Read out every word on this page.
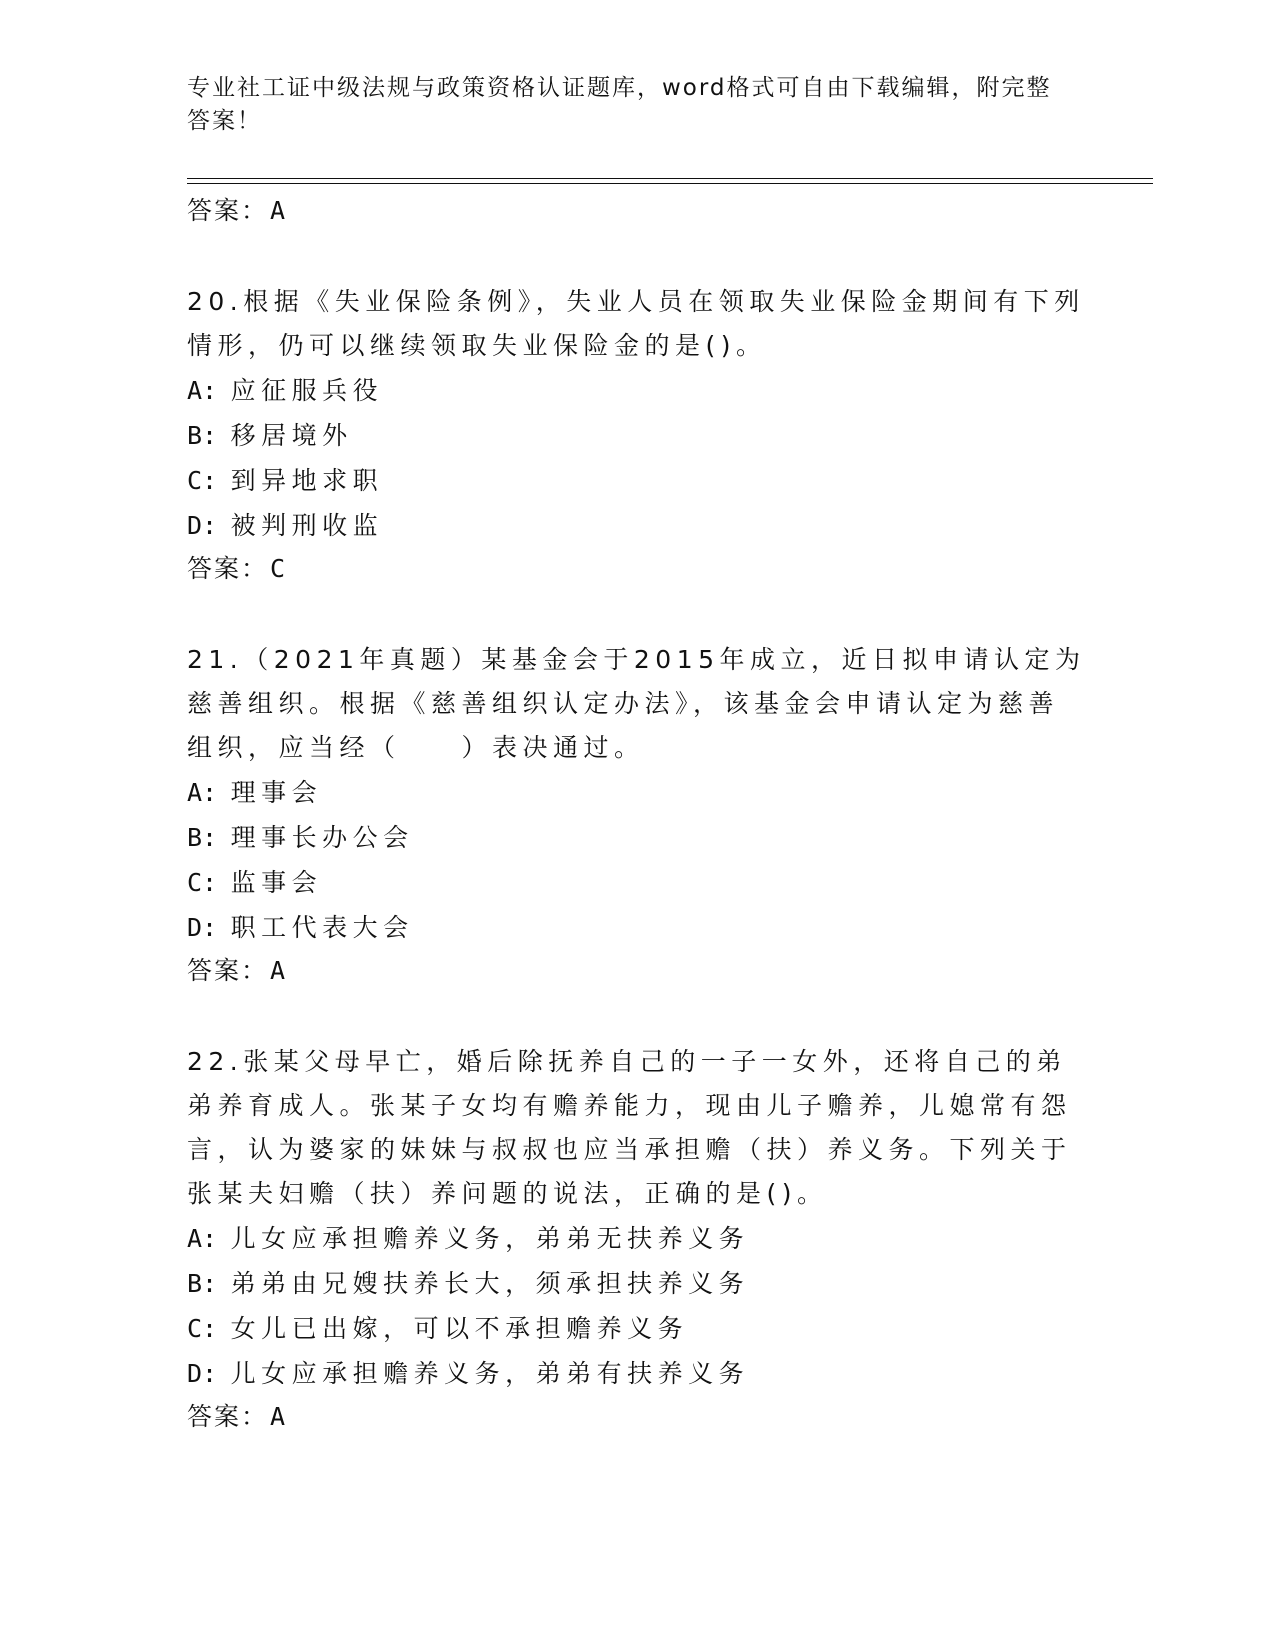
专业社工证中级法规与政策资格认证题库，word格式可自由下载编辑，附完整答案！
答案：A
20.根据《失业保险条例》，失业人员在领取失业保险金期间有下列情形，仍可以继续领取失业保险金的是()。
A: 应征服兵役
B: 移居境外
C: 到异地求职
D: 被判刑收监
答案：C
21.（2021年真题）某基金会于2015年成立，近日拟申请认定为慈善组织。根据《慈善组织认定办法》，该基金会申请认定为慈善组织，应当经（　　）表决通过。
A: 理事会
B: 理事长办公会
C: 监事会
D: 职工代表大会
答案：A
22.张某父母早亡，婚后除抚养自己的一子一女外，还将自己的弟弟养育成人。张某子女均有赡养能力，现由儿子赡养，儿媳常有怨言，认为婆家的妹妹与叔叔也应当承担赡（扶）养义务。下列关于张某夫妇赡（扶）养问题的说法，正确的是()。
A: 儿女应承担赡养义务，弟弟无扶养义务
B: 弟弟由兄嫂扶养长大，须承担扶养义务
C: 女儿已出嫁，可以不承担赡养义务
D: 儿女应承担赡养义务，弟弟有扶养义务
答案：A
